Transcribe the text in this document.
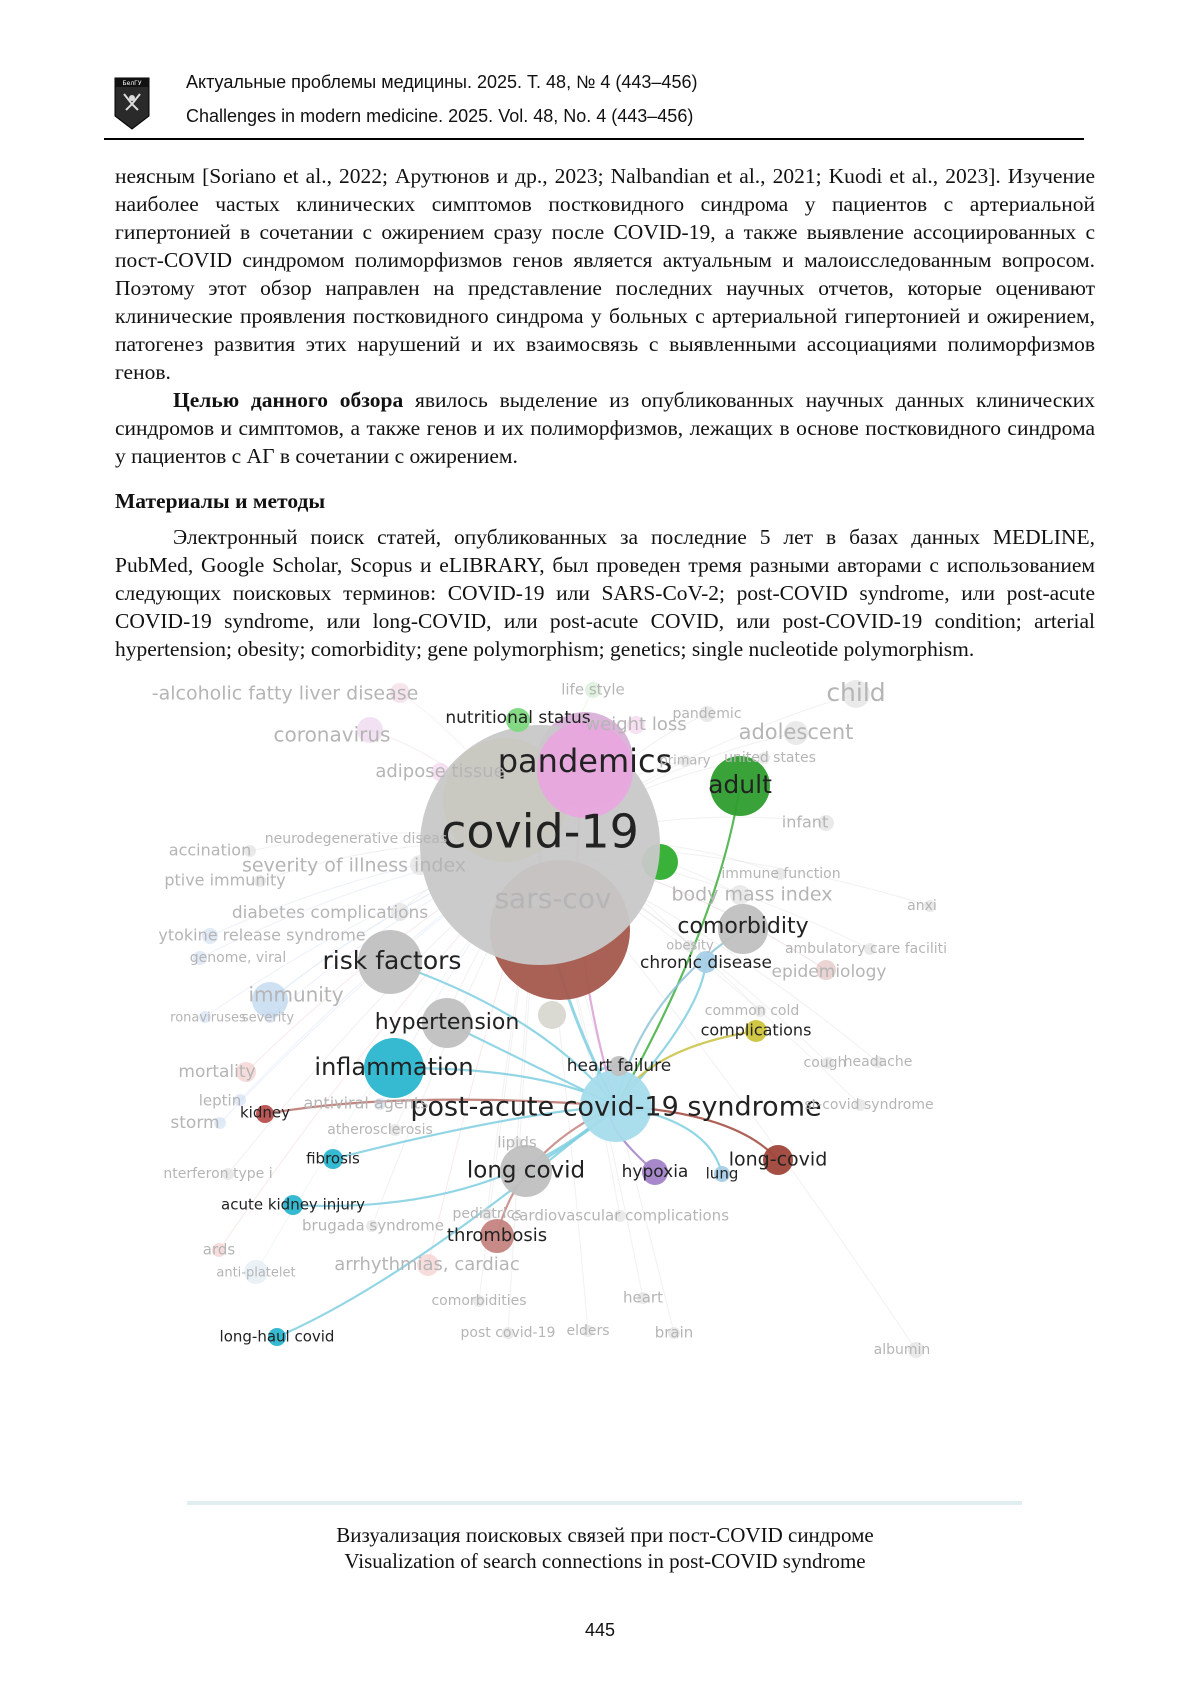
БелГУ Актуальные проблемы медицины. 2025. Т. 48, № 4 (443–456)
Challenges in modern medicine. 2025. Vol. 48, No. 4 (443–456)

неясным [Soriano et al., 2022; Арутюнов и др., 2023; Nalbandian et al., 2021; Kuodi et al., 2023]. Изучение наиболее частых клинических симптомов постковидного синдрома у пациентов с артериальной гипертонией в сочетании с ожирением сразу после COVID-19, а также выявление ассоциированных с пост-COVID синдромом полиморфизмов генов является актуальным и малоисследованным вопросом. Поэтому этот обзор направлен на представление последних научных отчетов, которые оценивают клинические проявления постковидного синдрома у больных с артериальной гипертонией и ожирением, патогенез развития этих нарушений и их взаимосвязь с выявленными ассоциациями полиморфизмов генов.

Целью данного обзора явилось выделение из опубликованных научных данных клинических синдромов и симптомов, а также генов и их полиморфизмов, лежащих в основе постковидного синдрома у пациентов с АГ в сочетании с ожирением.

Материалы и методы

Электронный поиск статей, опубликованных за последние 5 лет в базах данных MEDLINE, PubMed, Google Scholar, Scopus и eLIBRARY, был проведен тремя разными авторами с использованием следующих поисковых терминов: COVID-19 или SARS-CoV-2; post-COVID syndrome, или post-acute COVID-19 syndrome, или long-COVID, или post-acute COVID, или post-COVID-19 condition; arterial hypertension; obesity; comorbidity; gene polymorphism; genetics; single nucleotide polymorphism.

covid-19
pandemics
post-acute covid-19 syndrome
adult
risk factors
inflammation
hypertension
comorbidity
long covid
chronic disease
heart failure
thrombosis
long-covid
hypoxia
nutritional status
complications
fibrosis
kidney
acute kidney injury
long-haul covid
lung
child
adolescent
coronavirus
-alcoholic fatty liver disease
severity of illness index
diabetes complications
body mass index
immunity
epidemiology
mortality
arrhythmias, cardiac
infant
life style
pandemic
weight loss
adipose tissue
sars-cov
neurodegenerative diseas
accination
ptive immunity
ytokine release syndrome
genome, viral
ronaviruses
severity
leptin
storm
antiviral agents
atherosclerosis
lipids
nterferon type i
brugada syndrome
pediatrics
cardiovascular complications
ards
anti-platelet
comorbidities
post covid-19 elders
heart
brain
albumin
cough
headache
st-covid syndrome
common cold
ambulatory care faciliti
immune function
united states
anxi
primary
obesity
Визуализация поисковых связей при пост-COVID синдроме
Visualization of search connections in post-COVID syndrome
445
